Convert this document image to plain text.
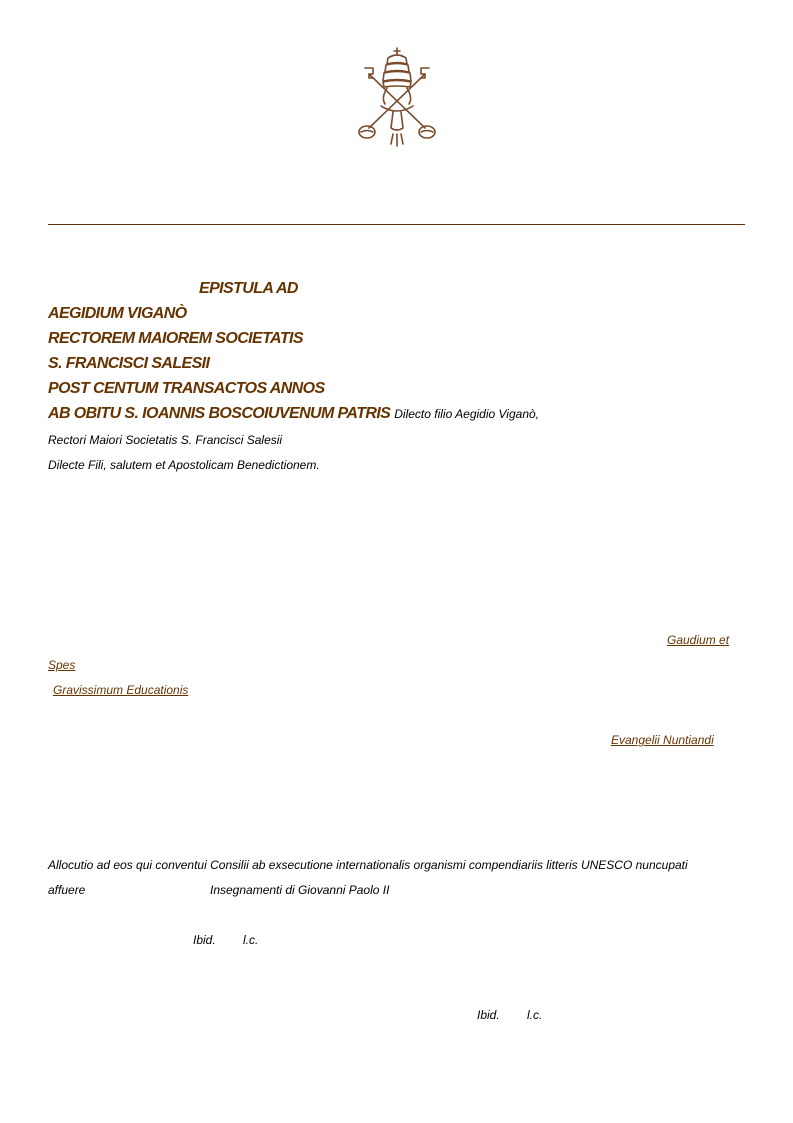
EPISTULA AD

AEGIDIUM VIGANÒ

RECTOREM MAIOREM SOCIETATIS

S. FRANCISCI SALESII

POST CENTUM TRANSACTOS ANNOS

AB OBITU S. IOANNIS BOSCOIUVENUM PATRIS Dilecto filio Aegidio Viganò,

Rectori Maiori Societatis S. Francisci Salesii

Dilecte Fili, salutem et Apostolicam Benedictionem.

Gaudium et
Spes
Gravissimum Educationis
Evangelii Nuntiandi

Allocutio ad eos qui conventui Consilii ab exsecutione internationalis organismi compendiariis litteris UNESCO nuncupati

affuere	Insegnamenti di Giovanni Paolo II

Ibid. l.c.

Ibid. l.c.
